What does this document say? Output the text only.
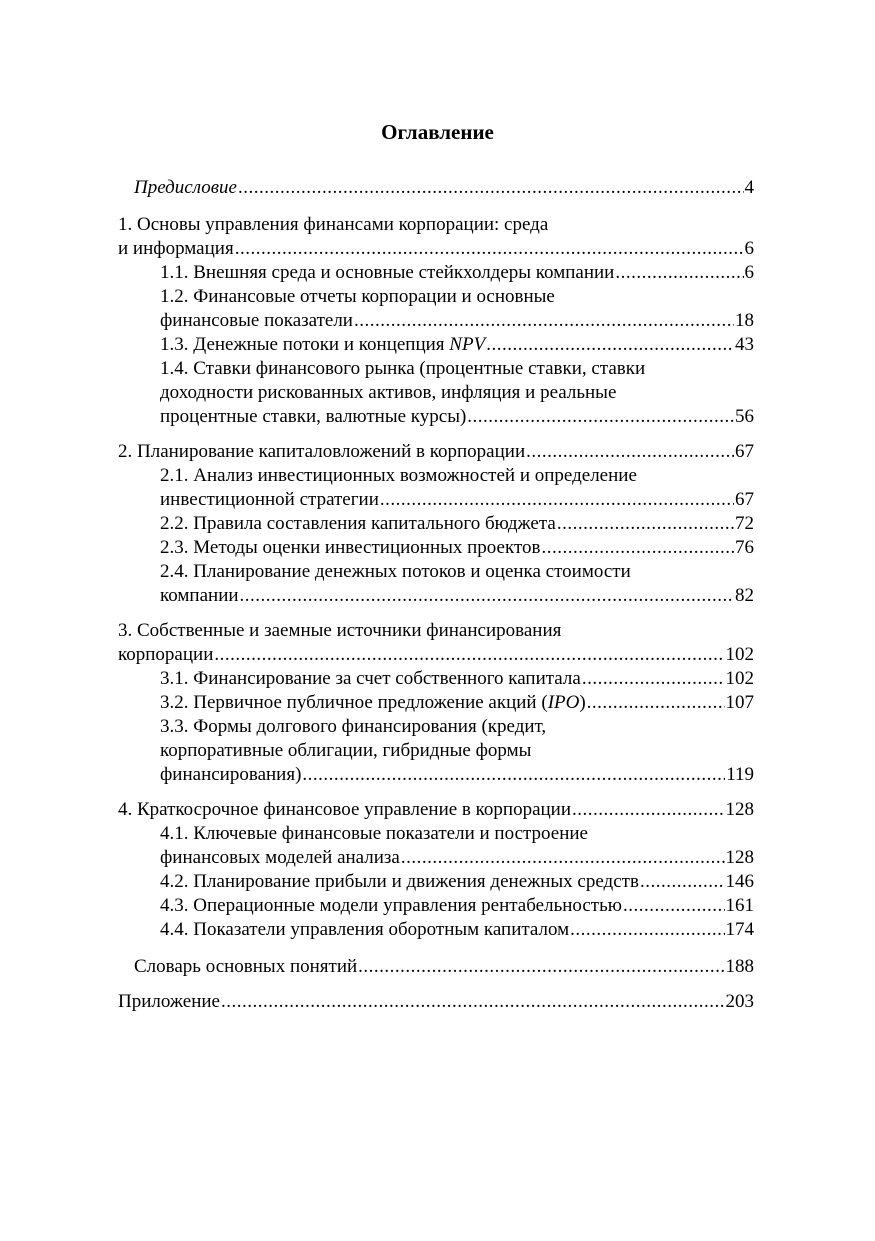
Оглавление
Предисловие .....	4
1. Основы управления финансами корпорации: среда
и информация .....	6
1.1. Внешняя среда и основные стейкхолдеры компании .....	6
1.2. Финансовые отчеты корпорации и основные
финансовые показатели .....	18
1.3. Денежные потоки и концепция NPV .....	43
1.4. Ставки финансового рынка (процентные ставки, ставки
доходности рискованных активов, инфляция и реальные
процентные ставки, валютные курсы) .....	56
2. Планирование капиталовложений в корпорации .....	67
2.1. Анализ инвестиционных возможностей и определение
инвестиционной стратегии .....	67
2.2. Правила составления капитального бюджета .....	72
2.3. Методы оценки инвестиционных проектов .....	76
2.4. Планирование денежных потоков и оценка стоимости
компании .....	82
3. Собственные и заемные источники финансирования
корпорации .....	102
3.1. Финансирование за счет собственного капитала .....	102
3.2. Первичное публичное предложение акций (IPO) .....	107
3.3. Формы долгового финансирования (кредит,
корпоративные облигации, гибридные формы
финансирования) .....	119
4. Краткосрочное финансовое управление в корпорации .....	128
4.1. Ключевые финансовые показатели и построение
финансовых моделей анализа .....	128
4.2. Планирование прибыли и движения денежных средств .....	146
4.3. Операционные модели управления рентабельностью .....	161
4.4. Показатели управления оборотным капиталом .....	174
Словарь основных понятий .....	188
Приложение .....	203
